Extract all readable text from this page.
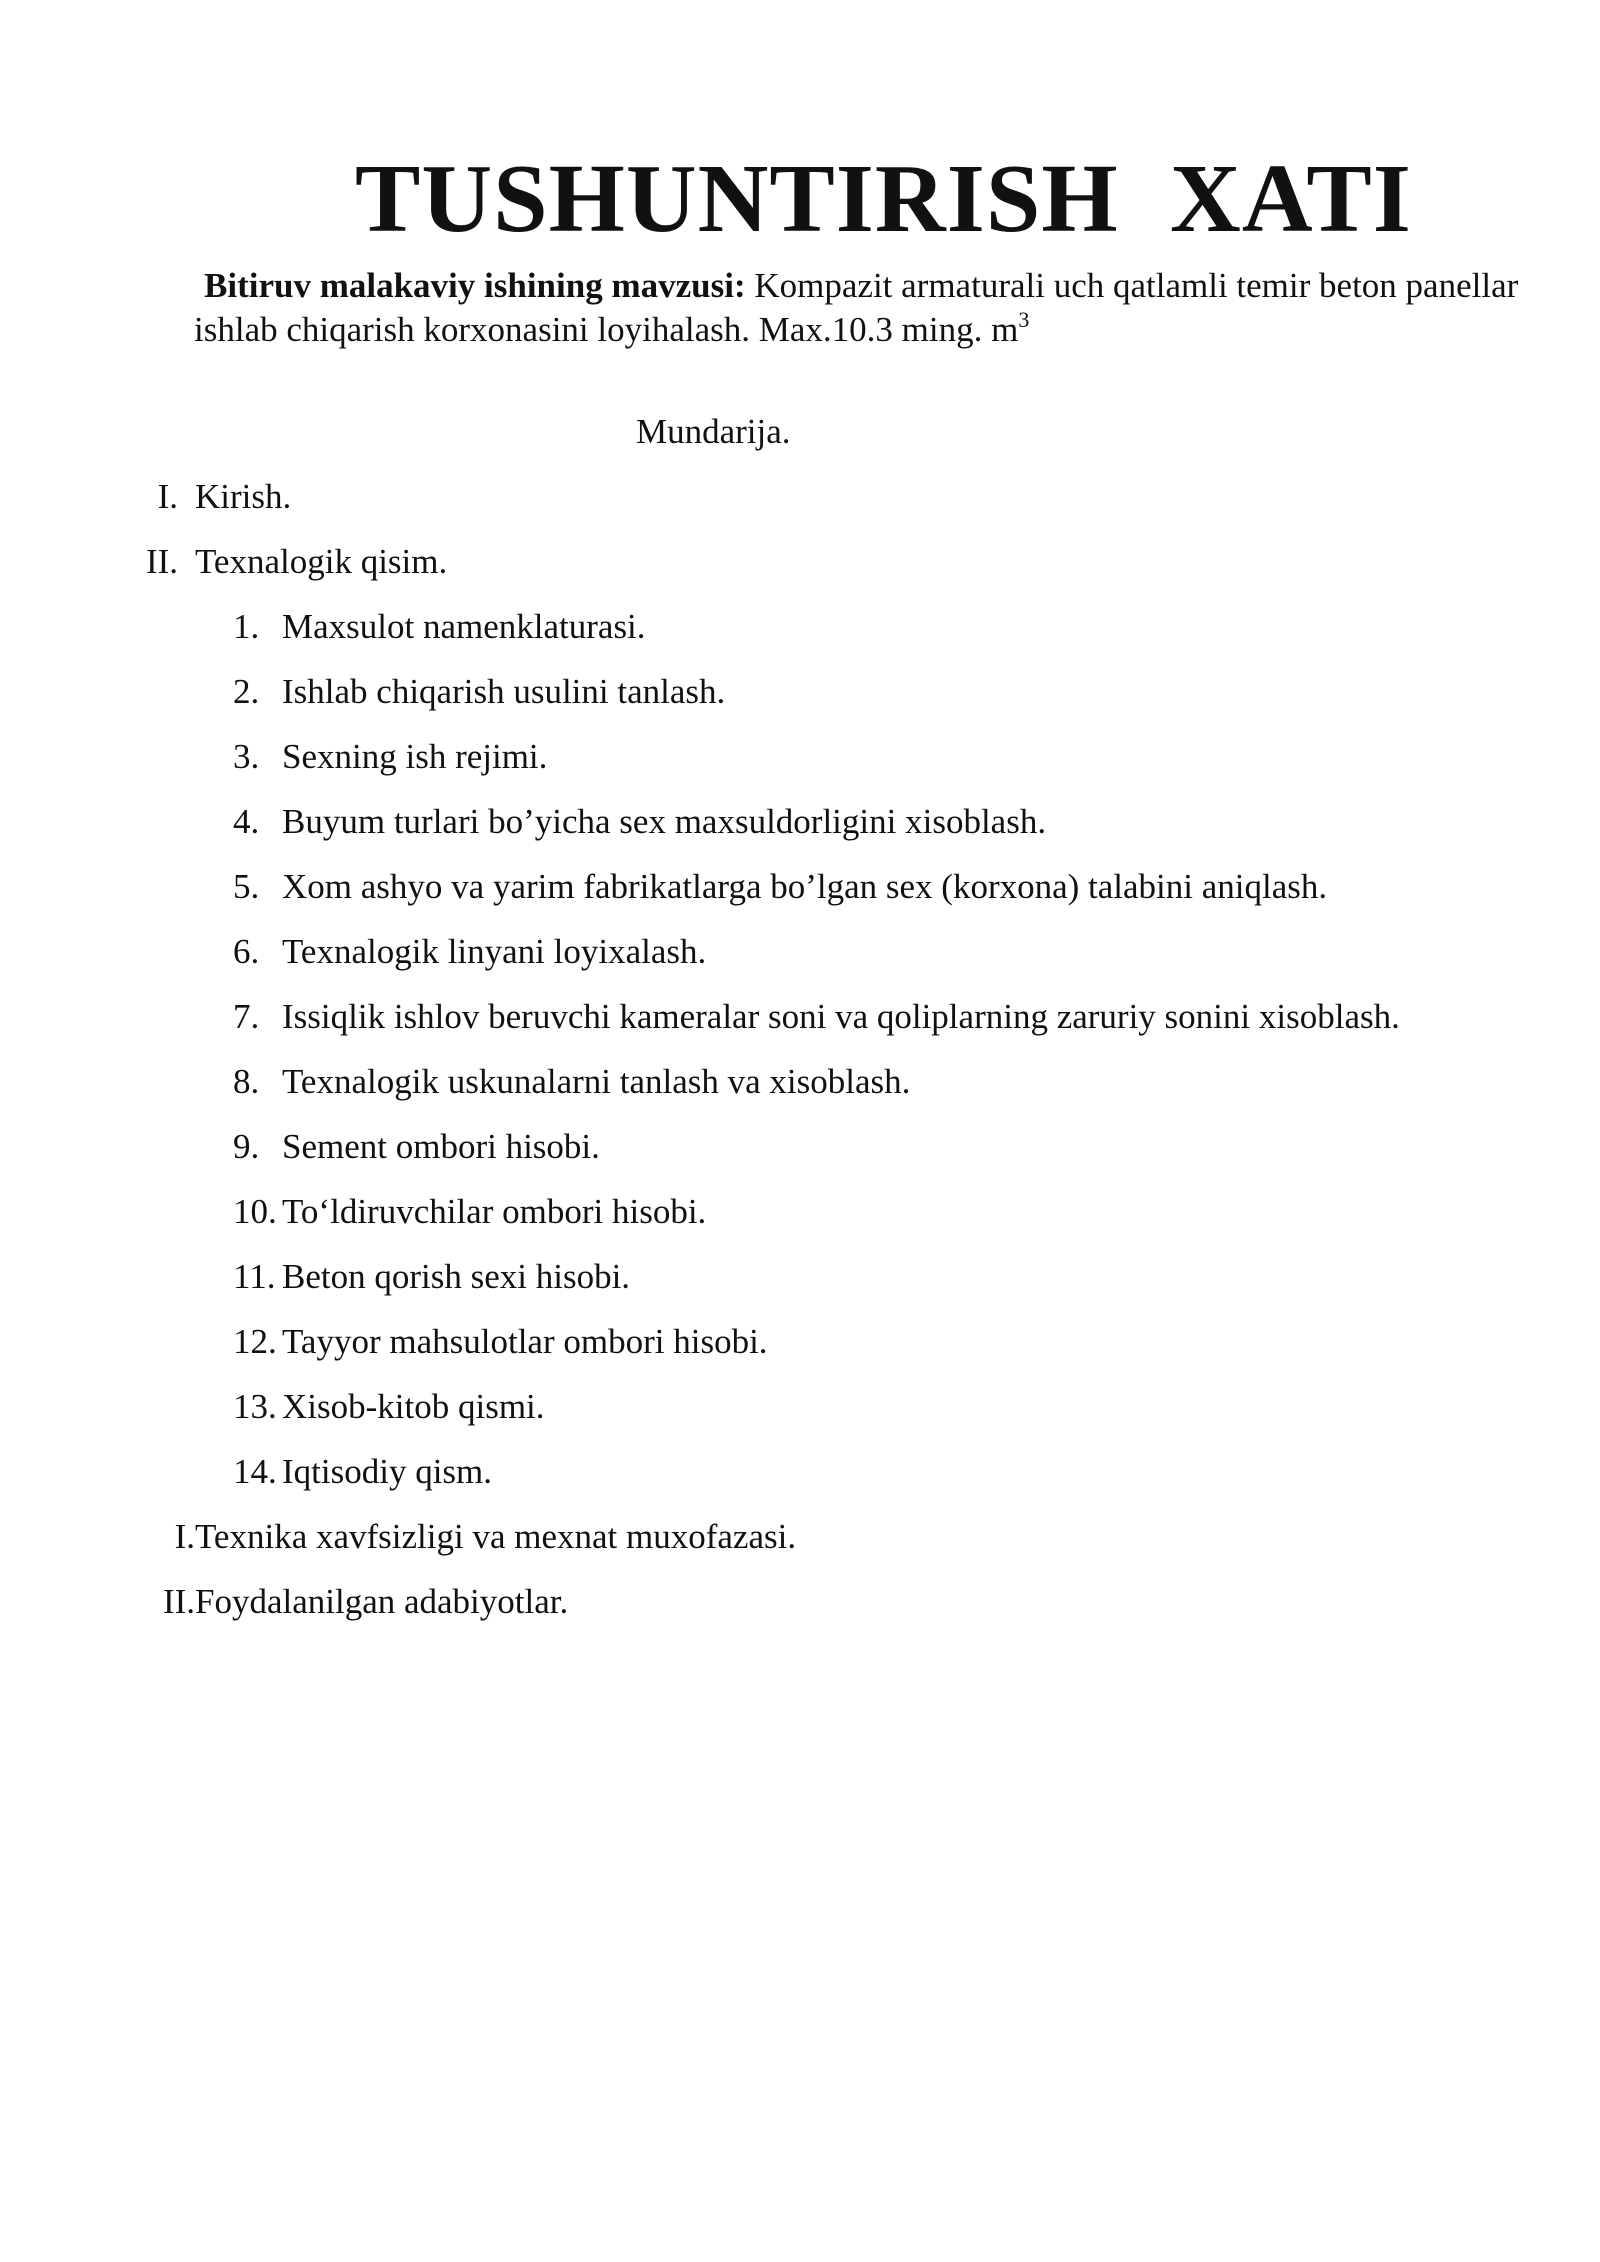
TUSHUNTIRISH XATI
Bitiruv malakaviy ishining mavzusi: Kompazit armaturali uch qatlamli temir beton panellar ishlab chiqarish korxonasini loyihalash. Max.10.3 ming. $m^3$
Mundarija.
I. Kirish.
II. Texnalogik qisim.
1. Maxsulot namenklaturasi.
2. Ishlab chiqarish usulini tanlash.
3. Sexning ish rejimi.
4. Buyum turlari bo’yicha sex maxsuldorligini xisoblash.
5. Xom ashyo va yarim fabrikatlarga bo’lgan sex (korxona) talabini aniqlash.
6. Texnalogik linyani loyixalash.
7. Issiqlik ishlov beruvchi kameralar soni va qoliplarning zaruriy sonini xisoblash.
8. Texnalogik uskunalarni tanlash va xisoblash.
9. Sement ombori hisobi.
10. To‘ldiruvchilar ombori hisobi.
11. Beton qorish sexi hisobi.
12. Tayyor mahsulotlar ombori hisobi.
13. Xisob-kitob qismi.
14. Iqtisodiy qism.
I. Texnika xavfsizligi va mexnat muxofazasi.
II. Foydalanilgan adabiyotlar.
